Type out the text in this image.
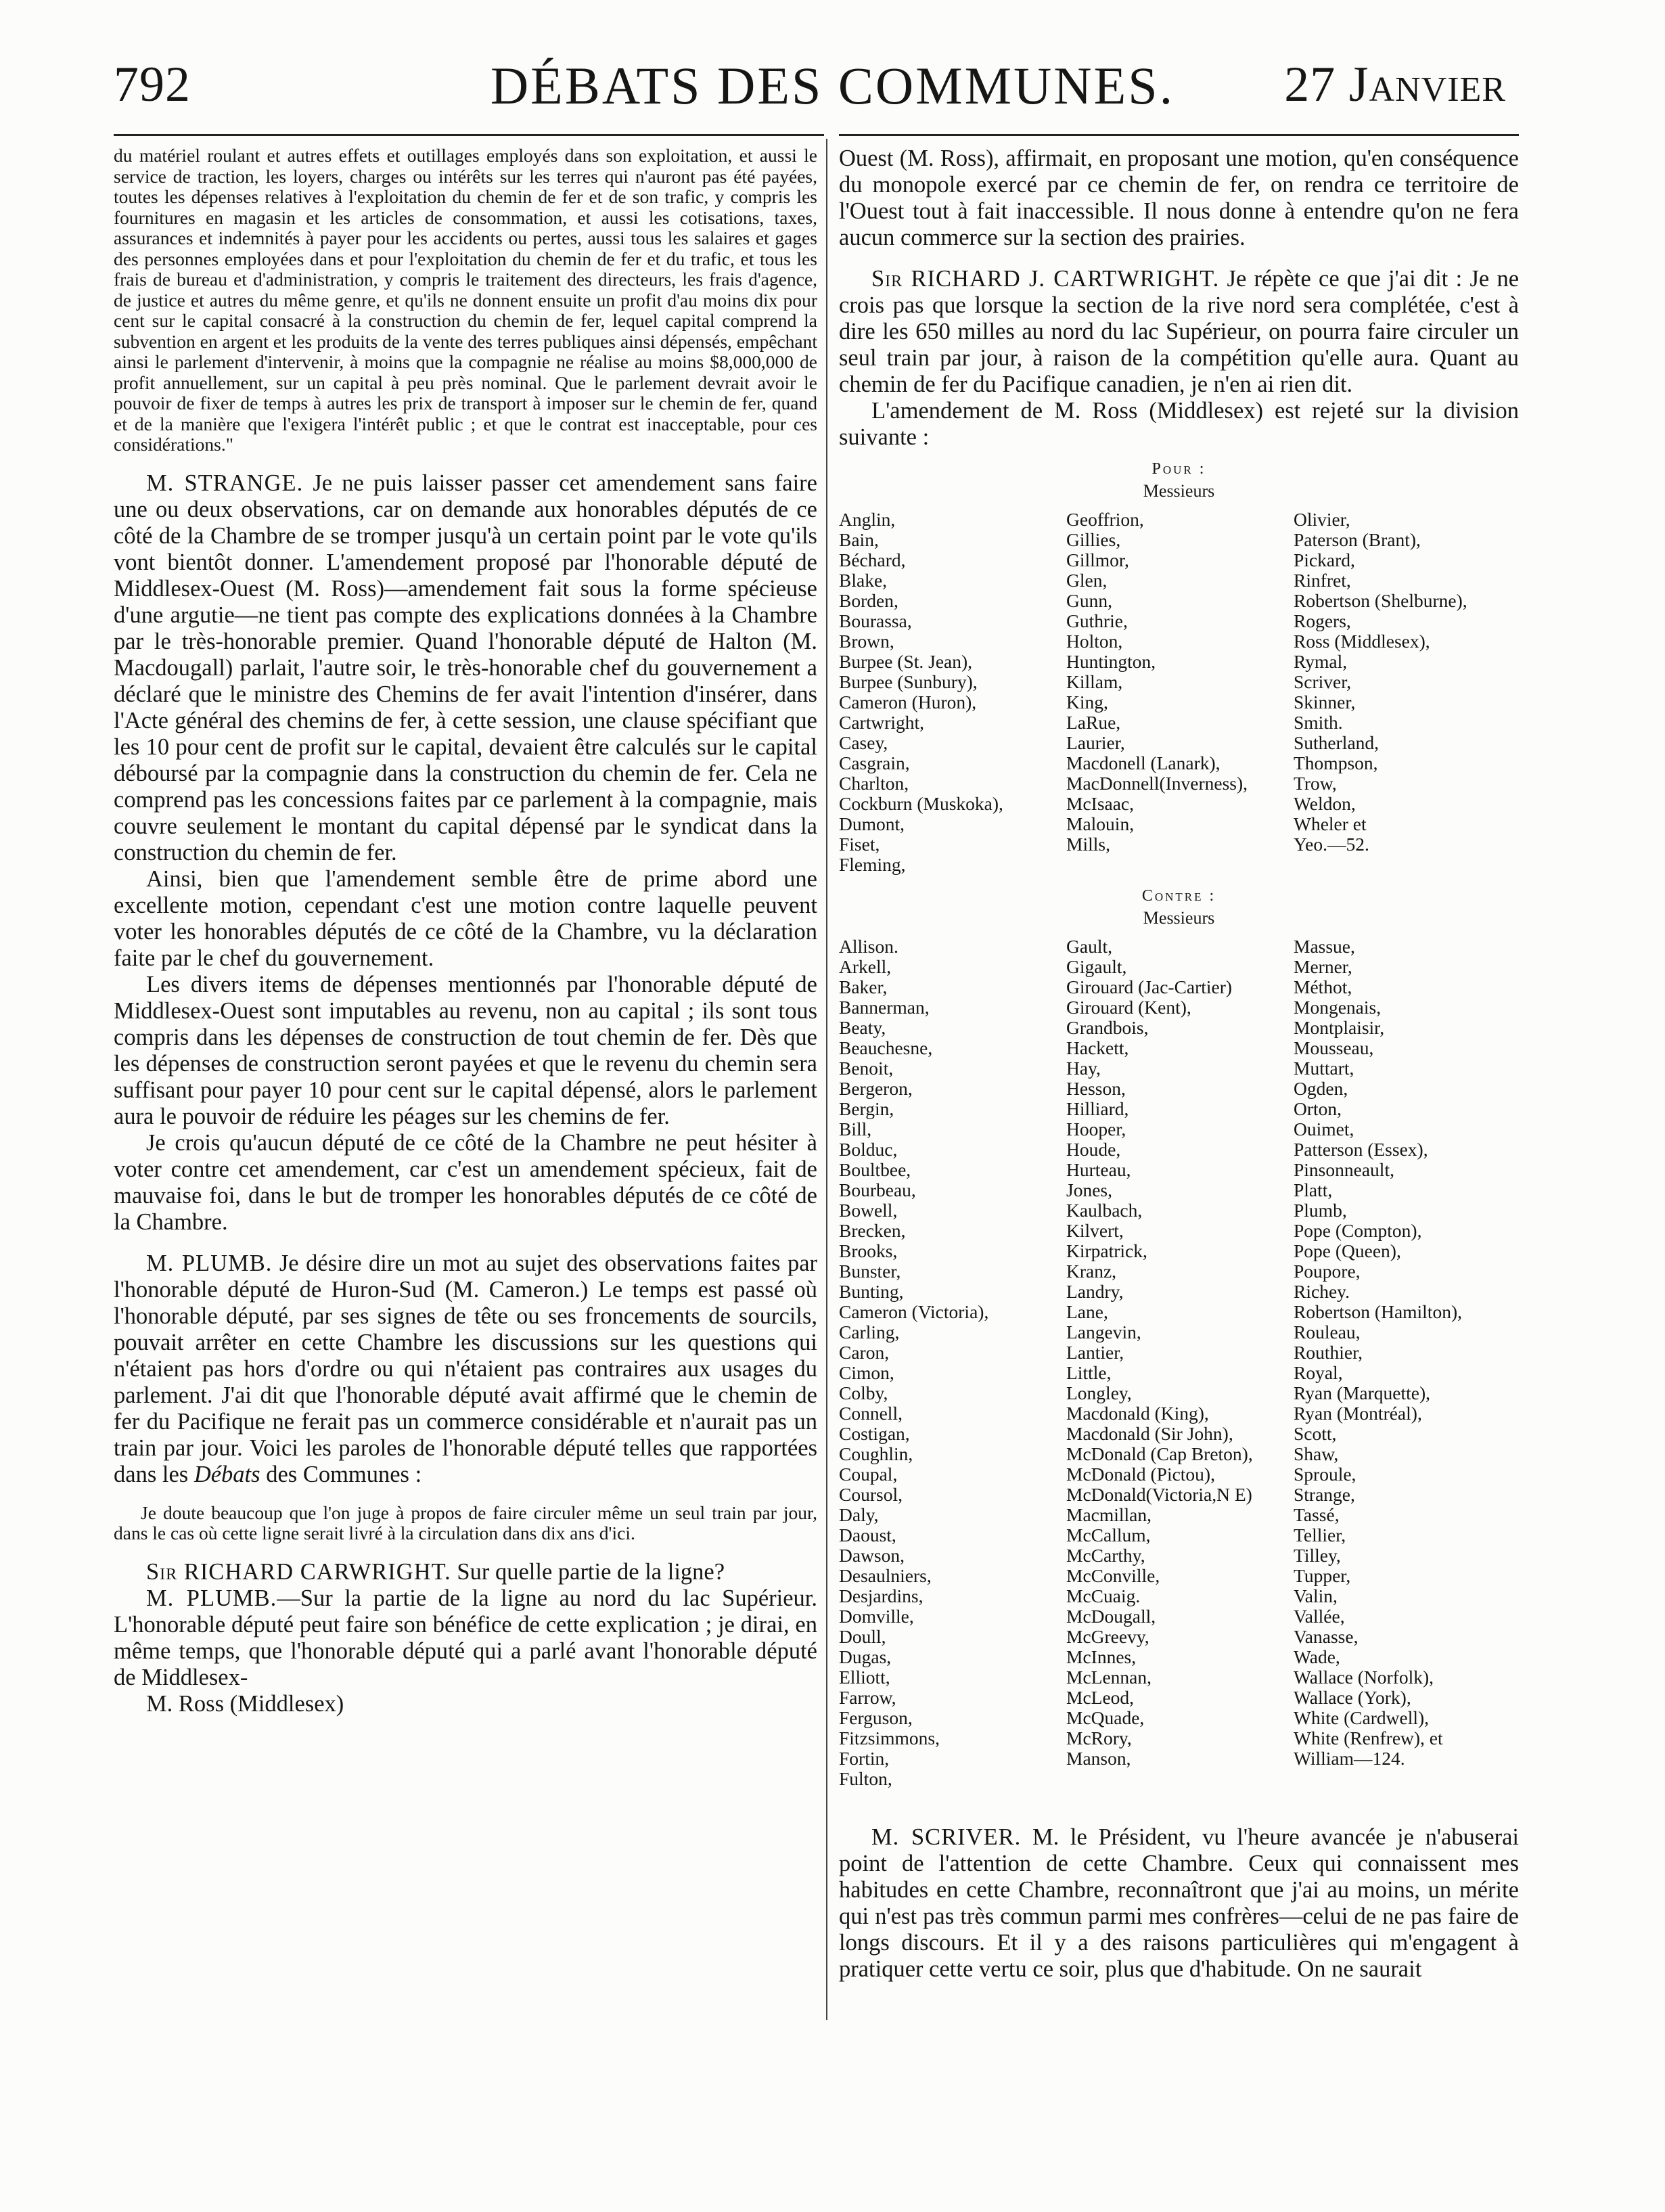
792	DÉBATS DES COMMUNES.	27 Janvier

du matériel roulant et autres effets et outillages employés dans son exploitation, et aussi le service de traction, les loyers, charges ou intérêts sur les terres qui n'auront pas été payées, toutes les dépenses relatives à l'exploitation du chemin de fer et de son trafic, y compris les fournitures en magasin et les articles de consommation, et aussi les cotisations, taxes, assurances et indemnités à payer pour les accidents ou pertes, aussi tous les salaires et gages des personnes employées dans et pour l'exploitation du chemin de fer et du trafic, et tous les frais de bureau et d'administration, y compris le traitement des directeurs, les frais d'agence, de justice et autres du même genre, et qu'ils ne donnent ensuite un profit d'au moins dix pour cent sur le capital consacré à la construction du chemin de fer, lequel capital comprend la subvention en argent et les produits de la vente des terres publiques ainsi dépensés, empêchant ainsi le parlement d'intervenir, à moins que la compagnie ne réalise au moins $8,000,000 de profit annuellement, sur un capital à peu près nominal. Que le parlement devrait avoir le pouvoir de fixer de temps à autres les prix de transport à imposer sur le chemin de fer, quand et de la manière que l'exigera l'intérêt public ; et que le contrat est inacceptable, pour ces considérations."

M. STRANGE. Je ne puis laisser passer cet amendement sans faire une ou deux observations, car on demande aux honorables députés de ce côté de la Chambre de se tromper jusqu'à un certain point par le vote qu'ils vont bientôt donner. L'amendement proposé par l'honorable député de Middlesex-Ouest (M. Ross)—amendement fait sous la forme spécieuse d'une argutie—ne tient pas compte des explications données à la Chambre par le très-honorable premier. Quand l'honorable député de Halton (M. Macdougall) parlait, l'autre soir, le très-honorable chef du gouvernement a déclaré que le ministre des Chemins de fer avait l'intention d'insérer, dans l'Acte général des chemins de fer, à cette session, une clause spécifiant que les 10 pour cent de profit sur le capital, devaient être calculés sur le capital déboursé par la compagnie dans la construction du chemin de fer. Cela ne comprend pas les concessions faites par ce parlement à la compagnie, mais couvre seulement le montant du capital dépensé par le syndicat dans la construction du chemin de fer.

Ainsi, bien que l'amendement semble être de prime abord une excellente motion, cependant c'est une motion contre laquelle peuvent voter les honorables députés de ce côté de la Chambre, vu la déclaration faite par le chef du gouvernement.

Les divers items de dépenses mentionnés par l'honorable député de Middlesex-Ouest sont imputables au revenu, non au capital ; ils sont tous compris dans les dépenses de construction de tout chemin de fer. Dès que les dépenses de construction seront payées et que le revenu du chemin sera suffisant pour payer 10 pour cent sur le capital dépensé, alors le parlement aura le pouvoir de réduire les péages sur les chemins de fer.

Je crois qu'aucun député de ce côté de la Chambre ne peut hésiter à voter contre cet amendement, car c'est un amendement spécieux, fait de mauvaise foi, dans le but de tromper les honorables députés de ce côté de la Chambre.

M. PLUMB. Je désire dire un mot au sujet des observations faites par l'honorable député de Huron-Sud (M. Cameron.) Le temps est passé où l'honorable député, par ses signes de tête ou ses froncements de sourcils, pouvait arrêter en cette Chambre les discussions sur les questions qui n'étaient pas hors d'ordre ou qui n'étaient pas contraires aux usages du parlement. J'ai dit que l'honorable député avait affirmé que le chemin de fer du Pacifique ne ferait pas un commerce considérable et n'aurait pas un train par jour. Voici les paroles de l'honorable député telles que rapportées dans les Débats des Communes :

Je doute beaucoup que l'on juge à propos de faire circuler même un seul train par jour, dans le cas où cette ligne serait livré à la circulation dans dix ans d'ici.

Sir RICHARD CARWRIGHT. Sur quelle partie de la ligne?

M. PLUMB.—Sur la partie de la ligne au nord du lac Supérieur. L'honorable député peut faire son bénéfice de cette explication ; je dirai, en même temps, que l'honorable député qui a parlé avant l'honorable député de Middlesex-

M. Ross (Middlesex)

Ouest (M. Ross), affirmait, en proposant une motion, qu'en conséquence du monopole exercé par ce chemin de fer, on rendra ce territoire de l'Ouest tout à fait inaccessible. Il nous donne à entendre qu'on ne fera aucun commerce sur la section des prairies.

Sir RICHARD J. CARTWRIGHT. Je répète ce que j'ai dit : Je ne crois pas que lorsque la section de la rive nord sera complétée, c'est à dire les 650 milles au nord du lac Supérieur, on pourra faire circuler un seul train par jour, à raison de la compétition qu'elle aura. Quant au chemin de fer du Pacifique canadien, je n'en ai rien dit.

L'amendement de M. Ross (Middlesex) est rejeté sur la division suivante :

Pour :
Messieurs
Anglin,	Geoffrion,	Olivier,
Bain,	Gillies,	Paterson (Brant),
Béchard,	Gillmor,	Pickard,
Blake,	Glen,	Rinfret,
Borden,	Gunn,	Robertson (Shelburne),
Bourassa,	Guthrie,	Rogers,
Brown,	Holton,	Ross (Middlesex),
Burpee (St. Jean),	Huntington,	Rymal,
Burpee (Sunbury),	Killam,	Scriver,
Cameron (Huron),	King,	Skinner,
Cartwright,	LaRue,	Smith.
Casey,	Laurier,	Sutherland,
Casgrain,	Macdonell (Lanark),	Thompson,
Charlton,	MacDonnell(Inverness),	Trow,
Cockburn (Muskoka),	McIsaac,	Weldon,
Dumont,	Malouin,	Wheler et
Fiset,	Mills,	Yeo.—52.
Fleming,
Contre :
Messieurs
Allison.	Gault,	Massue,
Arkell,	Gigault,	Merner,
Baker,	Girouard (Jac-Cartier)	Méthot,
Bannerman,	Girouard (Kent),	Mongenais,
Beaty,	Grandbois,	Montplaisir,
Beauchesne,	Hackett,	Mousseau,
Benoit,	Hay,	Muttart,
Bergeron,	Hesson,	Ogden,
Bergin,	Hilliard,	Orton,
Bill,	Hooper,	Ouimet,
Bolduc,	Houde,	Patterson (Essex),
Boultbee,	Hurteau,	Pinsonneault,
Bourbeau,	Jones,	Platt,
Bowell,	Kaulbach,	Plumb,
Brecken,	Kilvert,	Pope (Compton),
Brooks,	Kirpatrick,	Pope (Queen),
Bunster,	Kranz,	Poupore,
Bunting,	Landry,	Richey.
Cameron (Victoria),	Lane,	Robertson (Hamilton),
Carling,	Langevin,	Rouleau,
Caron,	Lantier,	Routhier,
Cimon,	Little,	Royal,
Colby,	Longley,	Ryan (Marquette),
Connell,	Macdonald (King),	Ryan (Montréal),
Costigan,	Macdonald (Sir John),	Scott,
Coughlin,	McDonald (Cap Breton),	Shaw,
Coupal,	McDonald (Pictou),	Sproule,
Coursol,	McDonald(Victoria,N E)	Strange,
Daly,	Macmillan,	Tassé,
Daoust,	McCallum,	Tellier,
Dawson,	McCarthy,	Tilley,
Desaulniers,	McConville,	Tupper,
Desjardins,	McCuaig.	Valin,
Domville,	McDougall,	Vallée,
Doull,	McGreevy,	Vanasse,
Dugas,	McInnes,	Wade,
Elliott,	McLennan,	Wallace (Norfolk),
Farrow,	McLeod,	Wallace (York),
Ferguson,	McQuade,	White (Cardwell),
Fitzsimmons,	McRory,	White (Renfrew), et
Fortin,	Manson,	William—124.
Fulton,

M. SCRIVER. M. le Président, vu l'heure avancée je n'abuserai point de l'attention de cette Chambre. Ceux qui connaissent mes habitudes en cette Chambre, reconnaîtront que j'ai au moins, un mérite qui n'est pas très commun parmi mes confrères—celui de ne pas faire de longs discours. Et il y a des raisons particulières qui m'engagent à pratiquer cette vertu ce soir, plus que d'habitude. On ne saurait
